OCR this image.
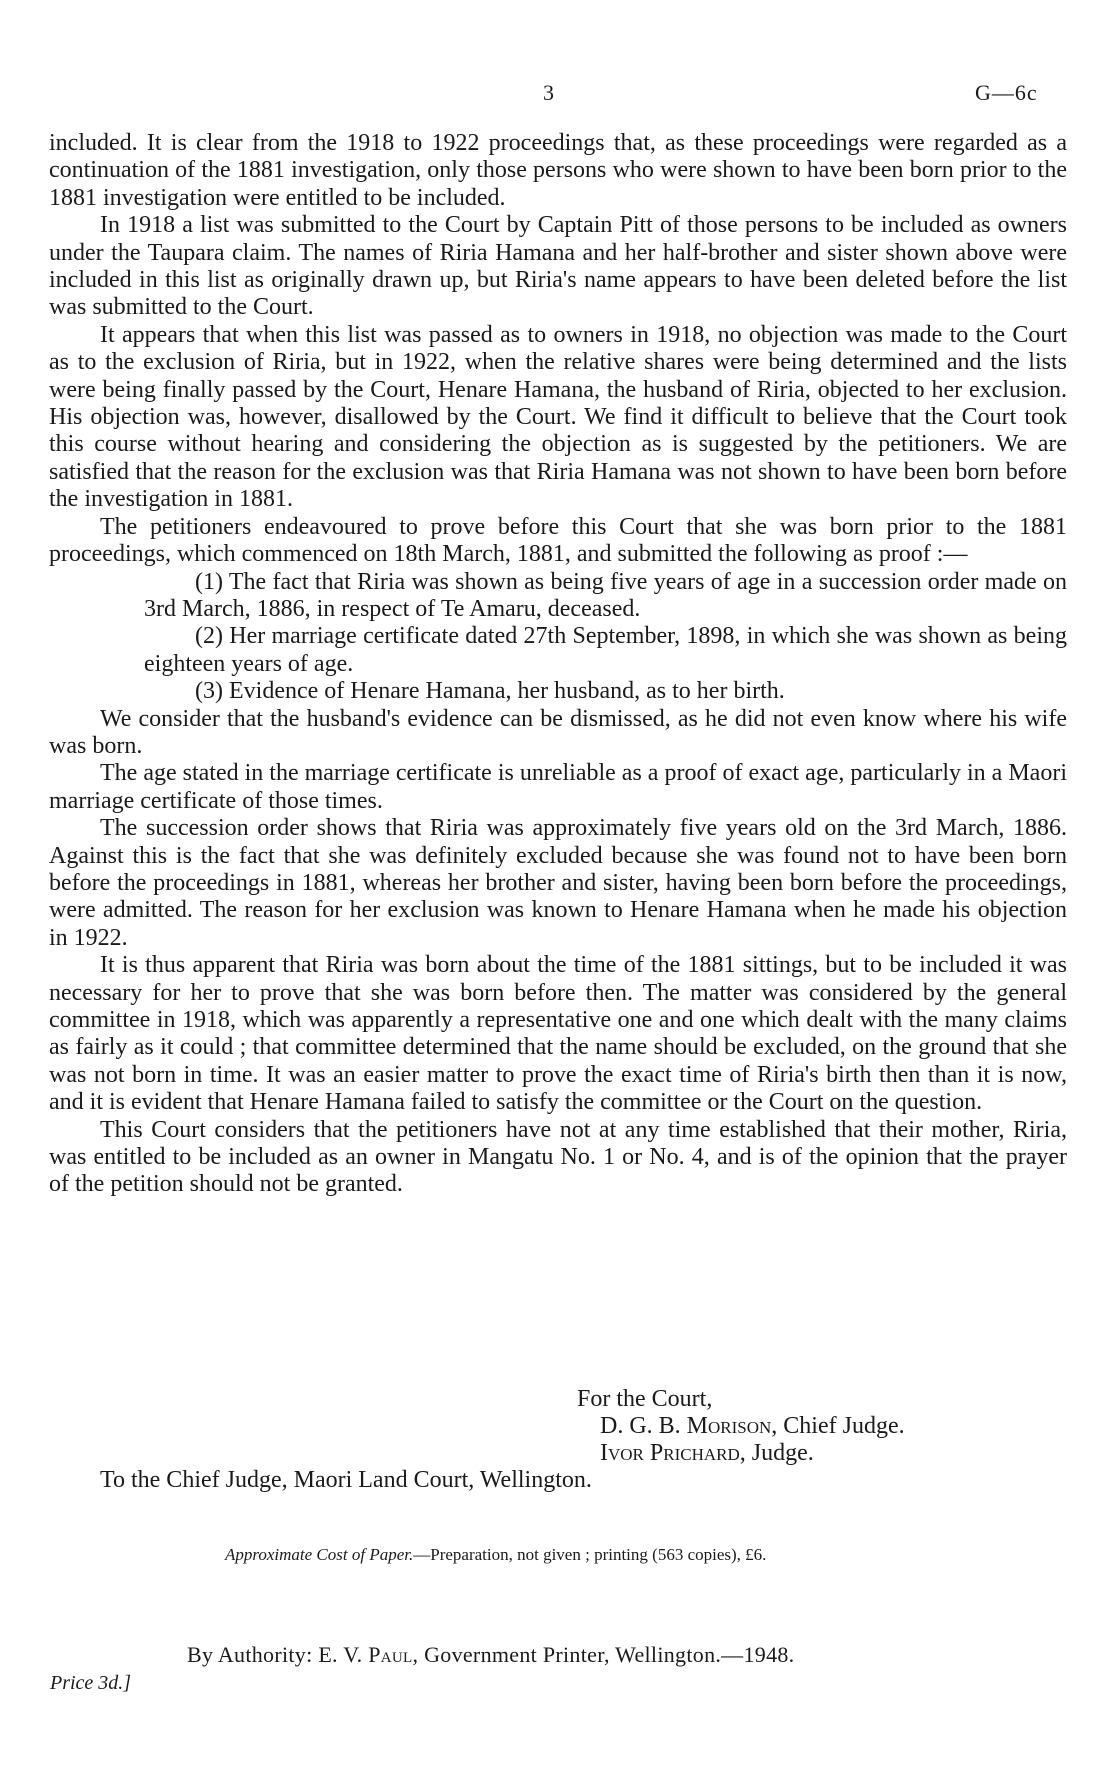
3	G—6c

included. It is clear from the 1918 to 1922 proceedings that, as these proceedings were regarded as a continuation of the 1881 investigation, only those persons who were shown to have been born prior to the 1881 investigation were entitled to be included.

In 1918 a list was submitted to the Court by Captain Pitt of those persons to be included as owners under the Taupara claim. The names of Riria Hamana and her half-brother and sister shown above were included in this list as originally drawn up, but Riria's name appears to have been deleted before the list was submitted to the Court.

It appears that when this list was passed as to owners in 1918, no objection was made to the Court as to the exclusion of Riria, but in 1922, when the relative shares were being determined and the lists were being finally passed by the Court, Henare Hamana, the husband of Riria, objected to her exclusion. His objection was, however, disallowed by the Court. We find it difficult to believe that the Court took this course without hearing and considering the objection as is suggested by the petitioners. We are satisfied that the reason for the exclusion was that Riria Hamana was not shown to have been born before the investigation in 1881.

The petitioners endeavoured to prove before this Court that she was born prior to the 1881 proceedings, which commenced on 18th March, 1881, and submitted the following as proof :—

(1) The fact that Riria was shown as being five years of age in a succession order made on 3rd March, 1886, in respect of Te Amaru, deceased.

(2) Her marriage certificate dated 27th September, 1898, in which she was shown as being eighteen years of age.

(3) Evidence of Henare Hamana, her husband, as to her birth.

We consider that the husband's evidence can be dismissed, as he did not even know where his wife was born.

The age stated in the marriage certificate is unreliable as a proof of exact age, particularly in a Maori marriage certificate of those times.

The succession order shows that Riria was approximately five years old on the 3rd March, 1886. Against this is the fact that she was definitely excluded because she was found not to have been born before the proceedings in 1881, whereas her brother and sister, having been born before the proceedings, were admitted. The reason for her exclusion was known to Henare Hamana when he made his objection in 1922.

It is thus apparent that Riria was born about the time of the 1881 sittings, but to be included it was necessary for her to prove that she was born before then. The matter was considered by the general committee in 1918, which was apparently a representative one and one which dealt with the many claims as fairly as it could ; that committee determined that the name should be excluded, on the ground that she was not born in time. It was an easier matter to prove the exact time of Riria's birth then than it is now, and it is evident that Henare Hamana failed to satisfy the committee or the Court on the question.

This Court considers that the petitioners have not at any time established that their mother, Riria, was entitled to be included as an owner in Mangatu No. 1 or No. 4, and is of the opinion that the prayer of the petition should not be granted.

For the Court,
D. G. B. Morison, Chief Judge.
Ivor Prichard, Judge.
To the Chief Judge, Maori Land Court, Wellington.
Approximate Cost of Paper.—Preparation, not given ; printing (563 copies), £6.
By Authority: E. V. Paul, Government Printer, Wellington.—1948.
Price 3d.]
